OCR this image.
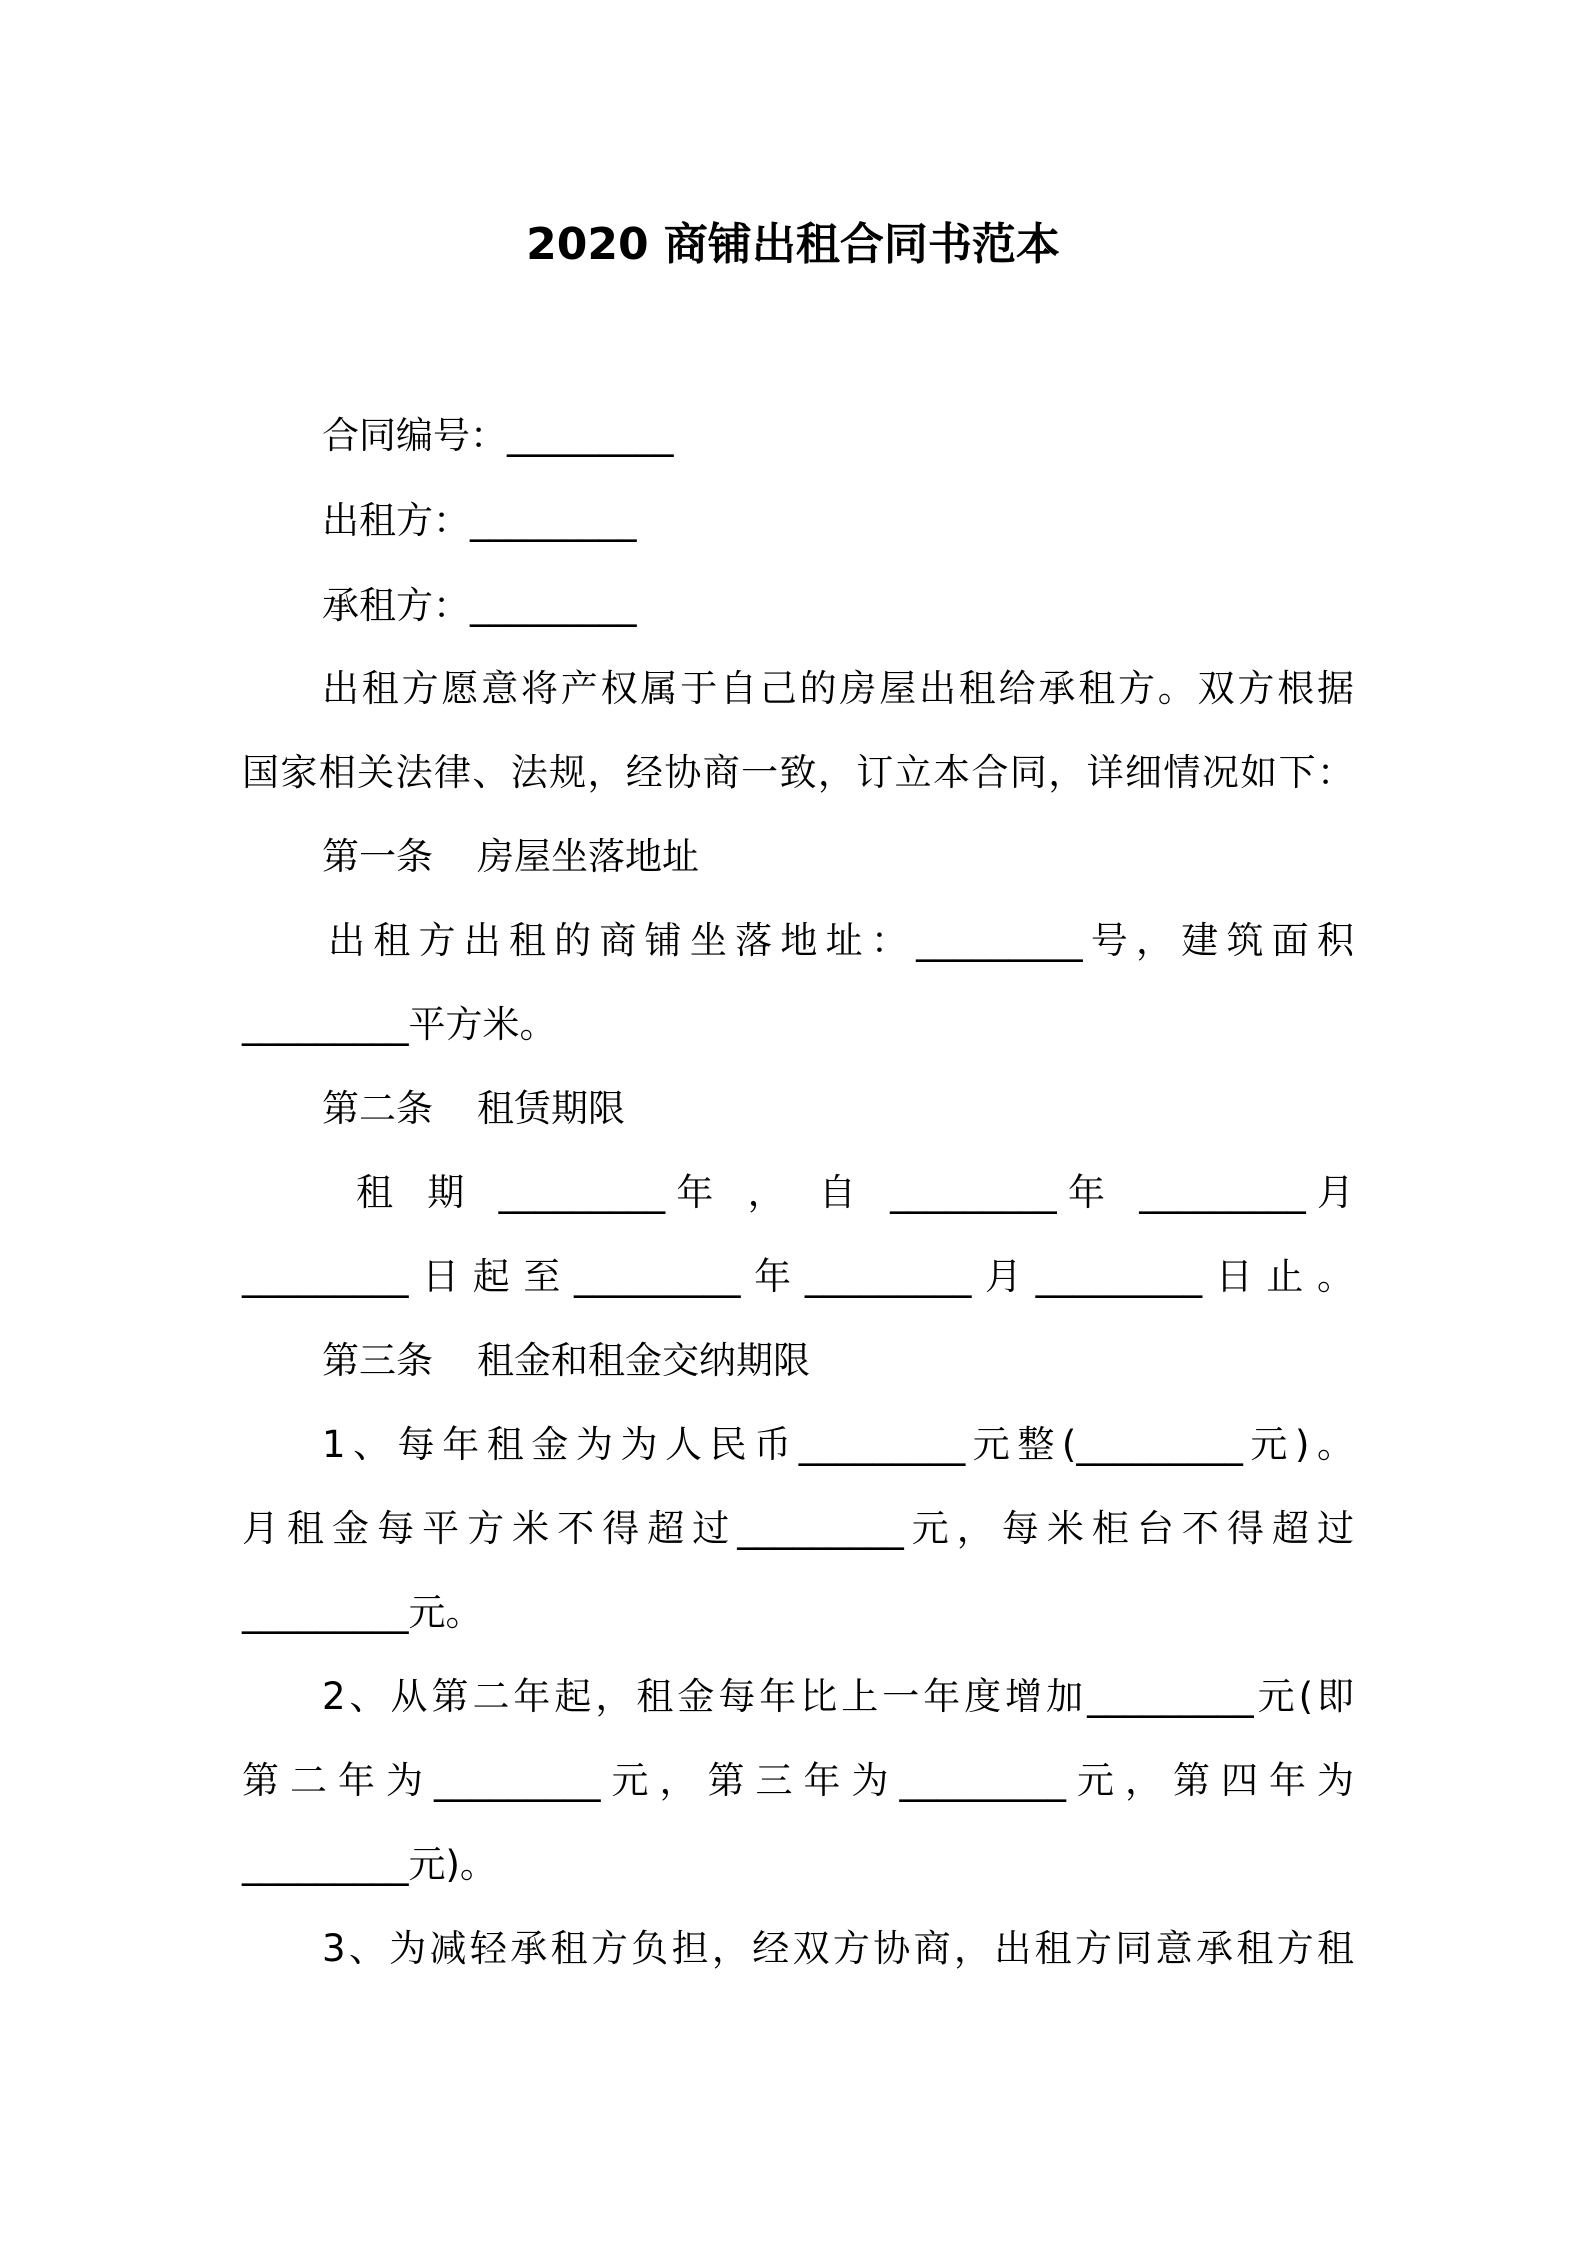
2020 商铺出租合同书范本
合同编号：_________
出租方：_________
承租方：_________
出租方愿意将产权属于自己的房屋出租给承租方。双方根据
国家相关法律、法规，经协商一致，订立本合同，详细情况如下：
第一条 房屋坐落地址
出租方出租的商铺坐落地址：_________号，建筑面积
_________平方米。
第二条 租赁期限
租 期 _________年 ， 自 _________年 _________月
_________日起至_________年_________月_________日止。
第三条 租金和租金交纳期限
1、每年租金为为人民币_________元整(_________元)。
月租金每平方米不得超过_________元，每米柜台不得超过
_________元。
2、从第二年起，租金每年比上一年度增加_________元(即
第二年为_________元，第三年为_________元，第四年为
_________元)。
3、为减轻承租方负担，经双方协商，出租方同意承租方租
